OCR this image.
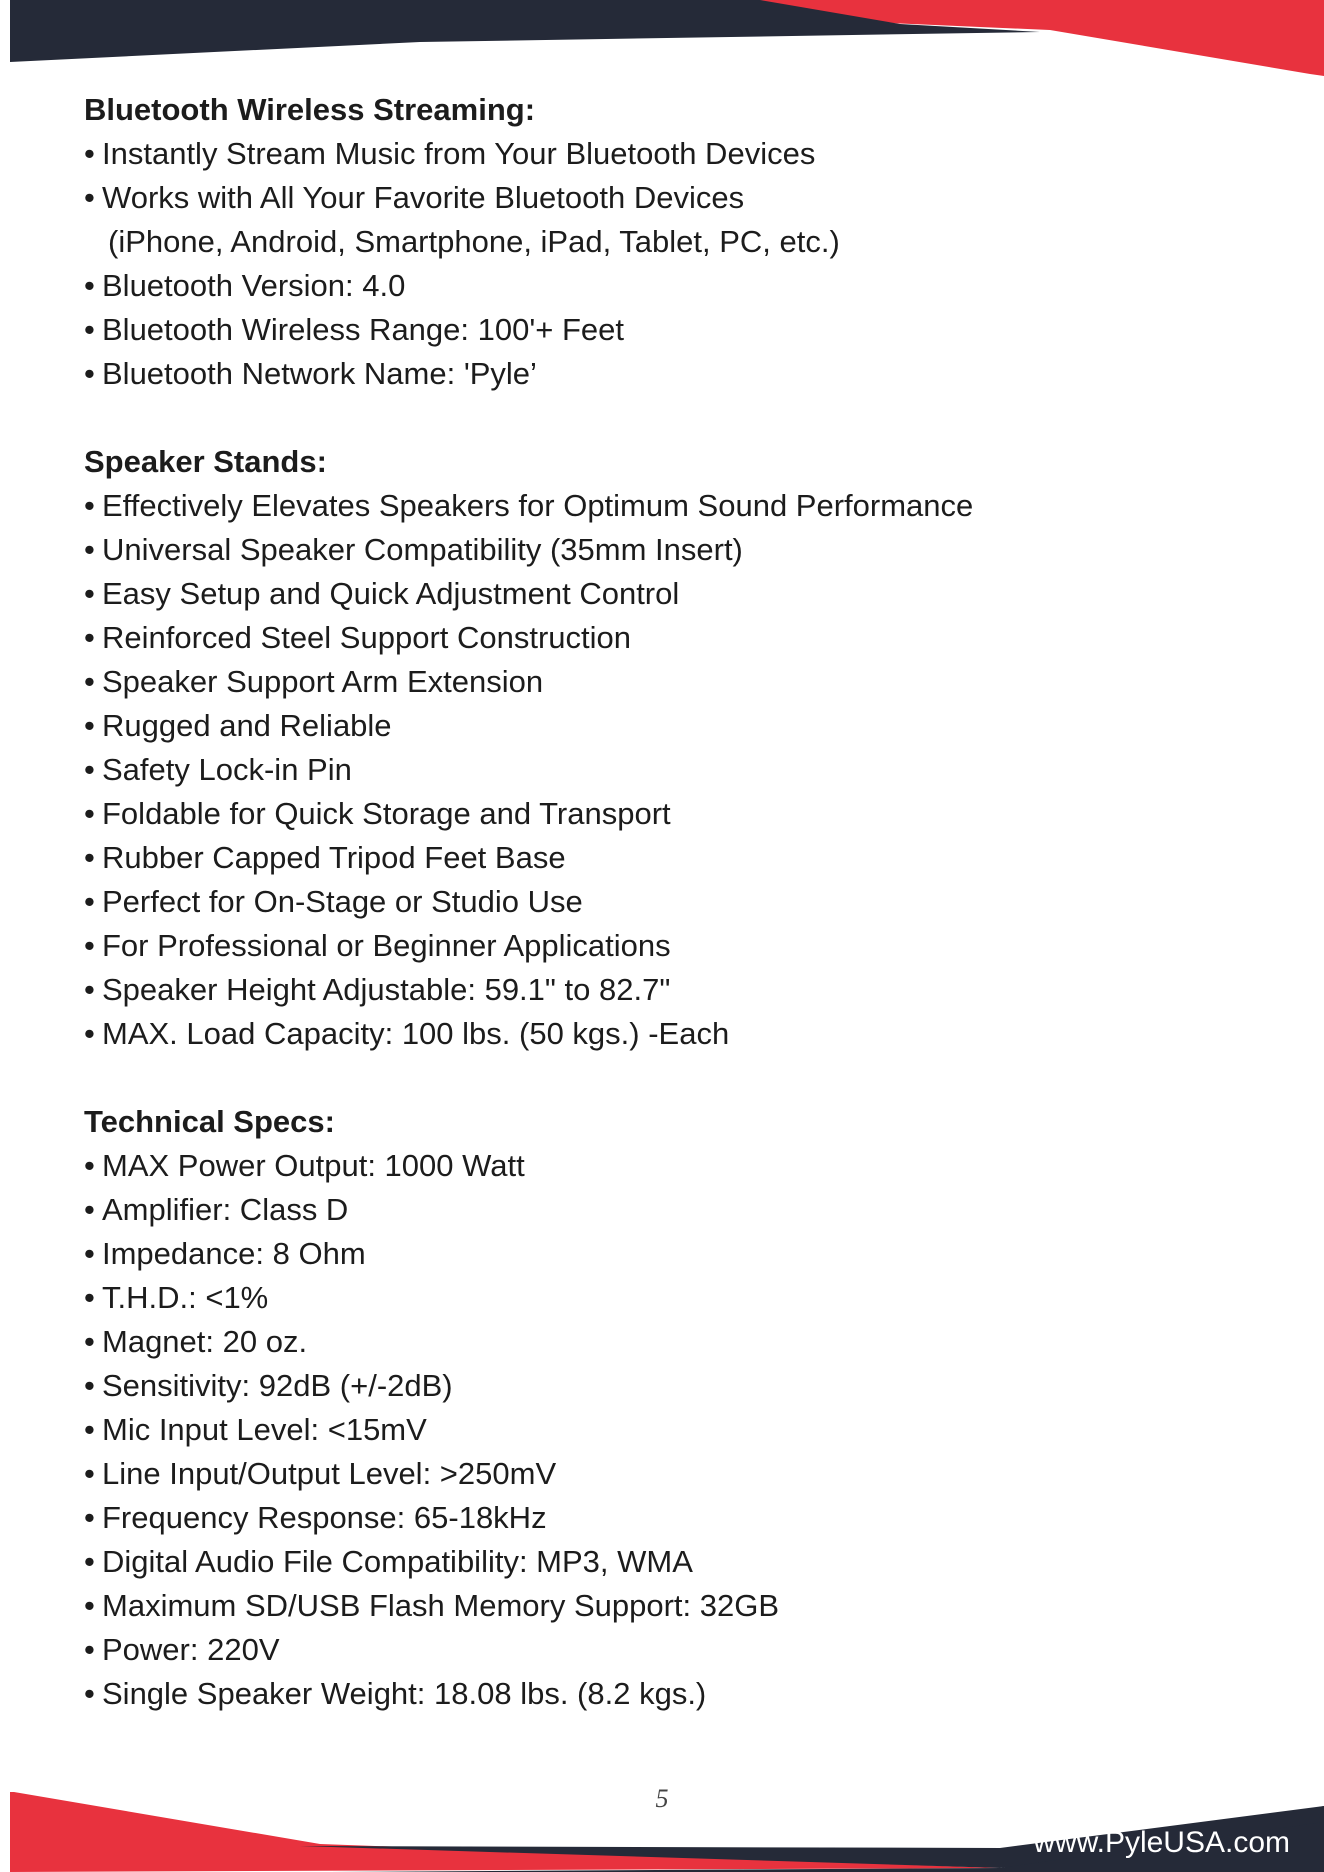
Bluetooth Wireless Streaming:
• Instantly Stream Music from Your Bluetooth Devices
• Works with All Your Favorite Bluetooth Devices
(iPhone, Android, Smartphone, iPad, Tablet, PC, etc.)
• Bluetooth Version: 4.0
• Bluetooth Wireless Range: 100'+ Feet
• Bluetooth Network Name: 'Pyle’
Speaker Stands:
• Effectively Elevates Speakers for Optimum Sound Performance
• Universal Speaker Compatibility (35mm Insert)
• Easy Setup and Quick Adjustment Control
• Reinforced Steel Support Construction
• Speaker Support Arm Extension
• Rugged and Reliable
• Safety Lock-in Pin
• Foldable for Quick Storage and Transport
• Rubber Capped Tripod Feet Base
• Perfect for On-Stage or Studio Use
• For Professional or Beginner Applications
• Speaker Height Adjustable: 59.1" to 82.7"
• MAX. Load Capacity: 100 lbs. (50 kgs.) -Each
Technical Specs:
• MAX Power Output: 1000 Watt
• Amplifier: Class D
• Impedance: 8 Ohm
• T.H.D.: <1%
• Magnet: 20 oz.
• Sensitivity: 92dB (+/-2dB)
• Mic Input Level: <15mV
• Line Input/Output Level: >250mV
• Frequency Response: 65-18kHz
• Digital Audio File Compatibility: MP3, WMA
• Maximum SD/USB Flash Memory Support: 32GB
• Power: 220V
• Single Speaker Weight: 18.08 lbs. (8.2 kgs.)
5
www.PyleUSA.com
